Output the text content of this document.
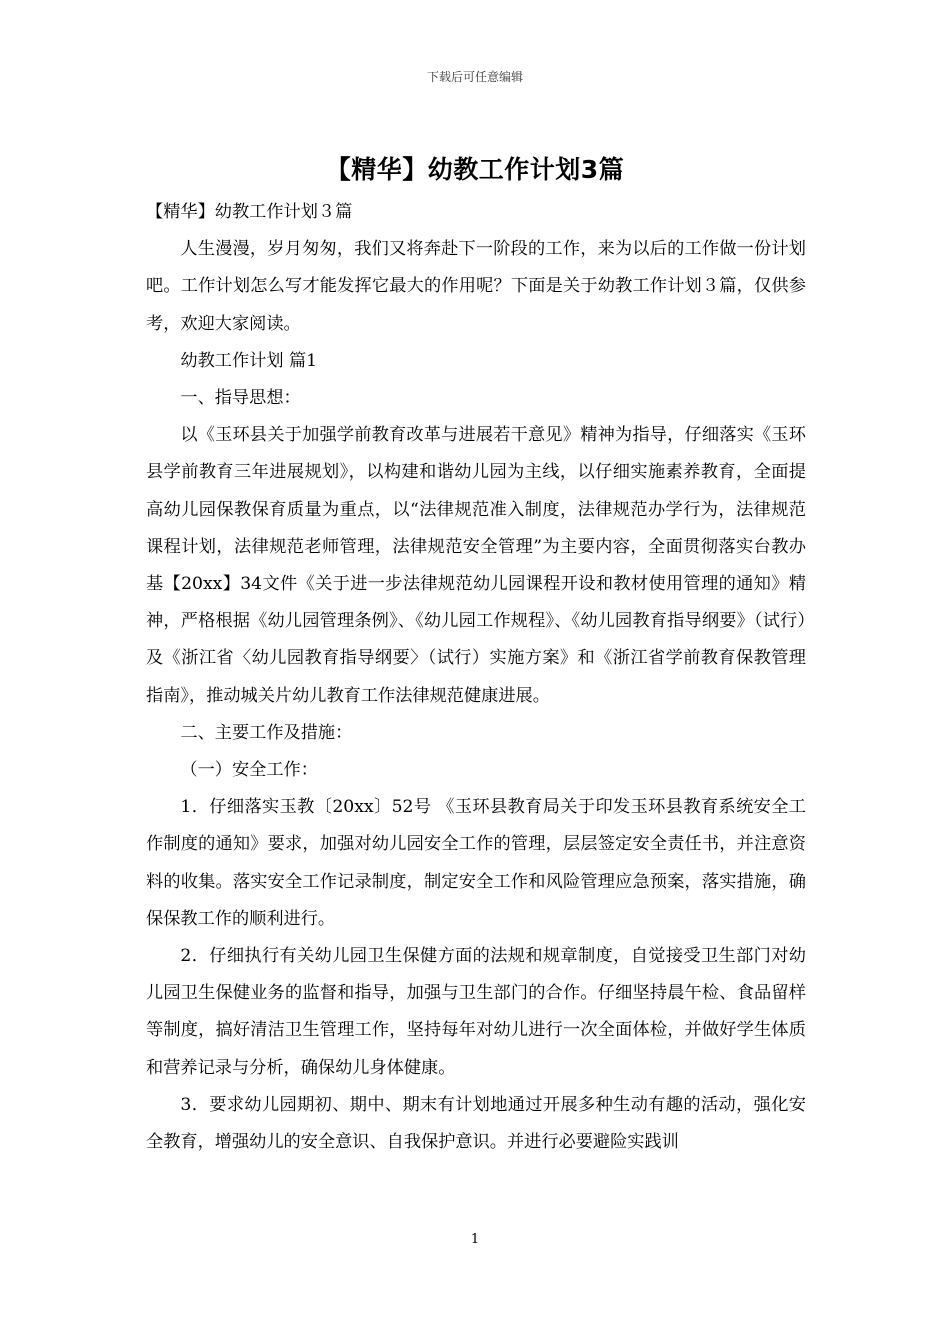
下载后可任意编辑
【精华】幼教工作计划3篇

【精华】幼教工作计划３篇

人生漫漫，岁月匆匆，我们又将奔赴下一阶段的工作，来为以后的工作做一份计划吧。工作计划怎么写才能发挥它最大的作用呢？下面是关于幼教工作计划３篇，仅供参考，欢迎大家阅读。

幼教工作计划 篇1

一、指导思想：

以《玉环县关于加强学前教育改革与进展若干意见》精神为指导，仔细落实《玉环县学前教育三年进展规划》，以构建和谐幼儿园为主线，以仔细实施素养教育，全面提高幼儿园保教保育质量为重点，以“法律规范准入制度，法律规范办学行为，法律规范课程计划，法律规范老师管理，法律规范安全管理”为主要内容，全面贯彻落实台教办基【20xx】34文件《关于进一步法律规范幼儿园课程开设和教材使用管理的通知》精神，严格根据《幼儿园管理条例》、《幼儿园工作规程》、《幼儿园教育指导纲要》（试行）及《浙江省〈幼儿园教育指导纲要〉（试行）实施方案》和《浙江省学前教育保教管理指南》，推动城关片幼儿教育工作法律规范健康进展。

二、主要工作及措施：

（一）安全工作：

1．仔细落实玉教〔20xx〕52号 《玉环县教育局关于印发玉环县教育系统安全工作制度的通知》要求，加强对幼儿园安全工作的管理，层层签定安全责任书，并注意资料的收集。落实安全工作记录制度，制定安全工作和风险管理应急预案，落实措施，确保保教工作的顺利进行。

2．仔细执行有关幼儿园卫生保健方面的法规和规章制度，自觉接受卫生部门对幼儿园卫生保健业务的监督和指导，加强与卫生部门的合作。仔细坚持晨午检、食品留样等制度，搞好清洁卫生管理工作，坚持每年对幼儿进行一次全面体检，并做好学生体质和营养记录与分析，确保幼儿身体健康。

3．要求幼儿园期初、期中、期末有计划地通过开展多种生动有趣的活动，强化安全教育，增强幼儿的安全意识、自我保护意识。并进行必要避险实践训

1
